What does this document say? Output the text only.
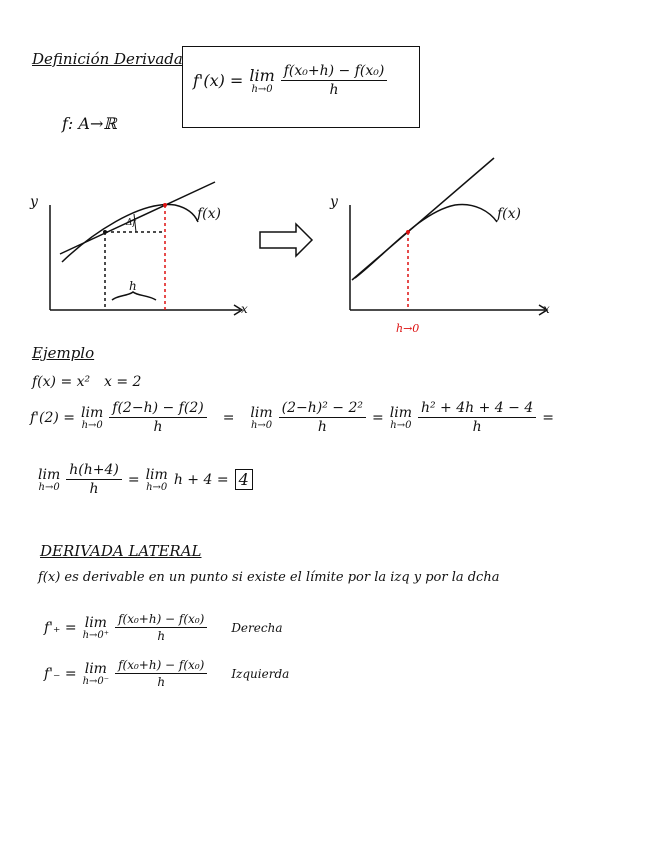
Definición Derivada
f: A→ℝ
f'(x) = lim
$h\to 0 \frac{\text{f(x₀+h) − f(x₀)}}{h}$
y
x
f(x)
h
Δf
y
x
f(x)
h→0
Ejemplo
f(x) = x² x = 2
f'(2) = lim
$h\to 0 \frac{f(2-h) - f(2)}{h} = \lim$
$h\to 0 \frac{\text{(2−h)² − 2²}}{h} = \lim$
$h\to 0 \frac{\text{h² + 4h + 4 − 4}}{h}$ =
lim
$h\to 0 \frac{h(h+4)}{h} = \lim$
h→0 h + 4 = 4
DERIVADA LATERAL
f(x) es derivable en un punto si existe el límite por la izq y por la dcha
f'₊ = lim
$h\to 0^+ \frac{\text{f(x₀+h) − f(x₀)}}{h}$ Derecha
f'₋ = lim
$h\to 0^- \frac{\text{f(x₀+h) − f(x₀)}}{h}$ Izquierda
